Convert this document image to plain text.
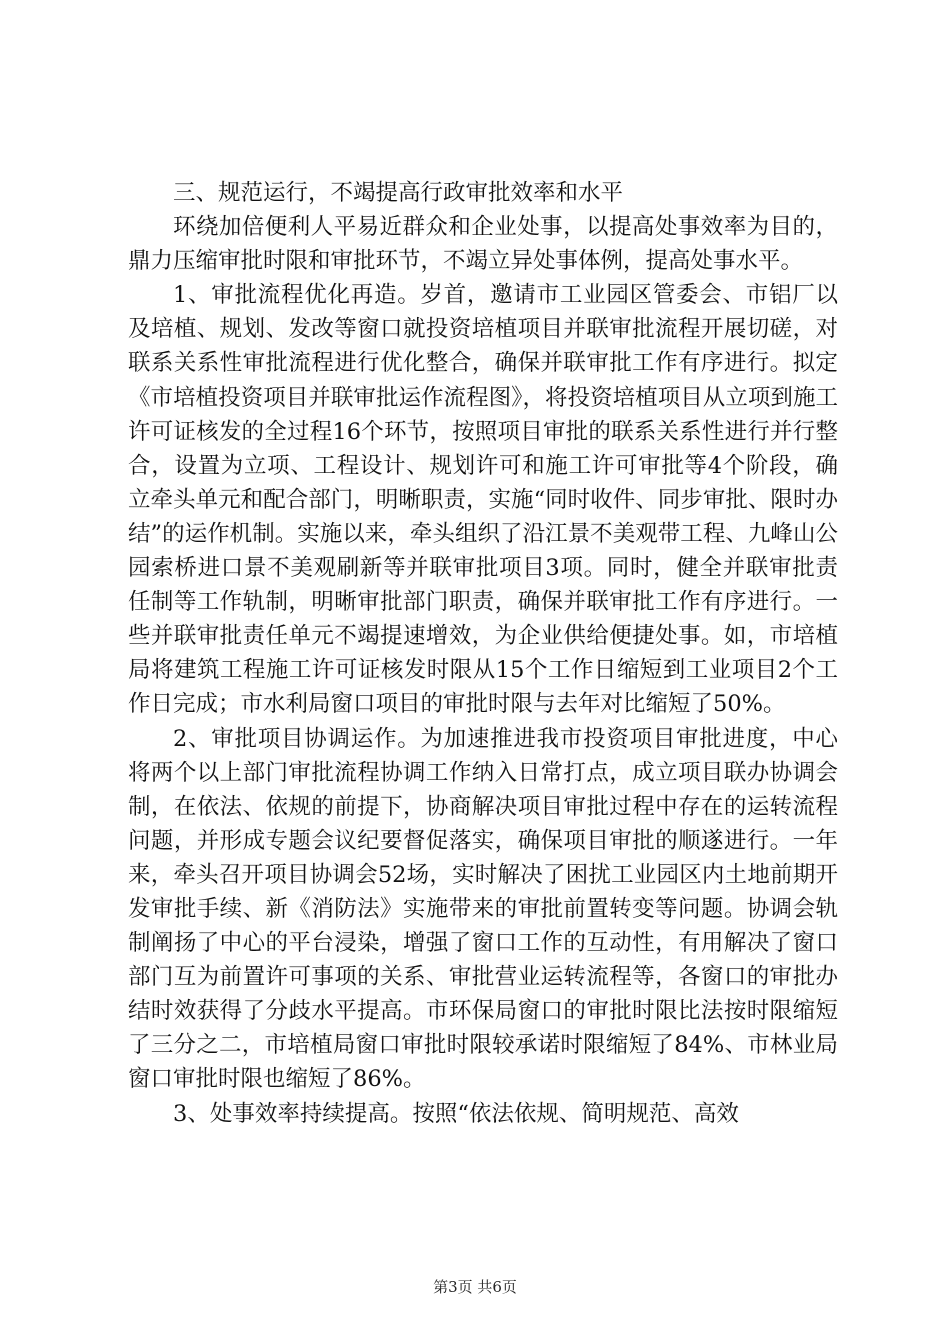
三、规范运行，不竭提高行政审批效率和水平

环绕加倍便利人平易近群众和企业处事，以提高处事效率为目的，鼎力压缩审批时限和审批环节，不竭立异处事体例，提高处事水平。

1、审批流程优化再造。岁首，邀请市工业园区管委会、市铝厂以及培植、规划、发改等窗口就投资培植项目并联审批流程开展切磋，对联系关系性审批流程进行优化整合，确保并联审批工作有序进行。拟定《市培植投资项目并联审批运作流程图》，将投资培植项目从立项到施工许可证核发的全过程16个环节，按照项目审批的联系关系性进行并行整合，设置为立项、工程设计、规划许可和施工许可审批等4个阶段，确立牵头单元和配合部门，明晰职责，实施“同时收件、同步审批、限时办结”的运作机制。实施以来，牵头组织了沿江景不美观带工程、九峰山公园索桥进口景不美观刷新等并联审批项目3项。同时，健全并联审批责任制等工作轨制，明晰审批部门职责，确保并联审批工作有序进行。一些并联审批责任单元不竭提速增效，为企业供给便捷处事。如，市培植局将建筑工程施工许可证核发时限从15个工作日缩短到工业项目2个工作日完成；市水利局窗口项目的审批时限与去年对比缩短了50%。

2、审批项目协调运作。为加速推进我市投资项目审批进度，中心将两个以上部门审批流程协调工作纳入日常打点，成立项目联办协调会制，在依法、依规的前提下，协商解决项目审批过程中存在的运转流程问题，并形成专题会议纪要督促落实，确保项目审批的顺遂进行。一年来，牵头召开项目协调会52场，实时解决了困扰工业园区内土地前期开发审批手续、新《消防法》实施带来的审批前置转变等问题。协调会轨制阐扬了中心的平台浸染，增强了窗口工作的互动性，有用解决了窗口部门互为前置许可事项的关系、审批营业运转流程等，各窗口的审批办结时效获得了分歧水平提高。市环保局窗口的审批时限比法按时限缩短了三分之二，市培植局窗口审批时限较承诺时限缩短了84%、市林业局窗口审批时限也缩短了86%。

3、处事效率持续提高。按照“依法依规、简明规范、高效

第3页 共6页
